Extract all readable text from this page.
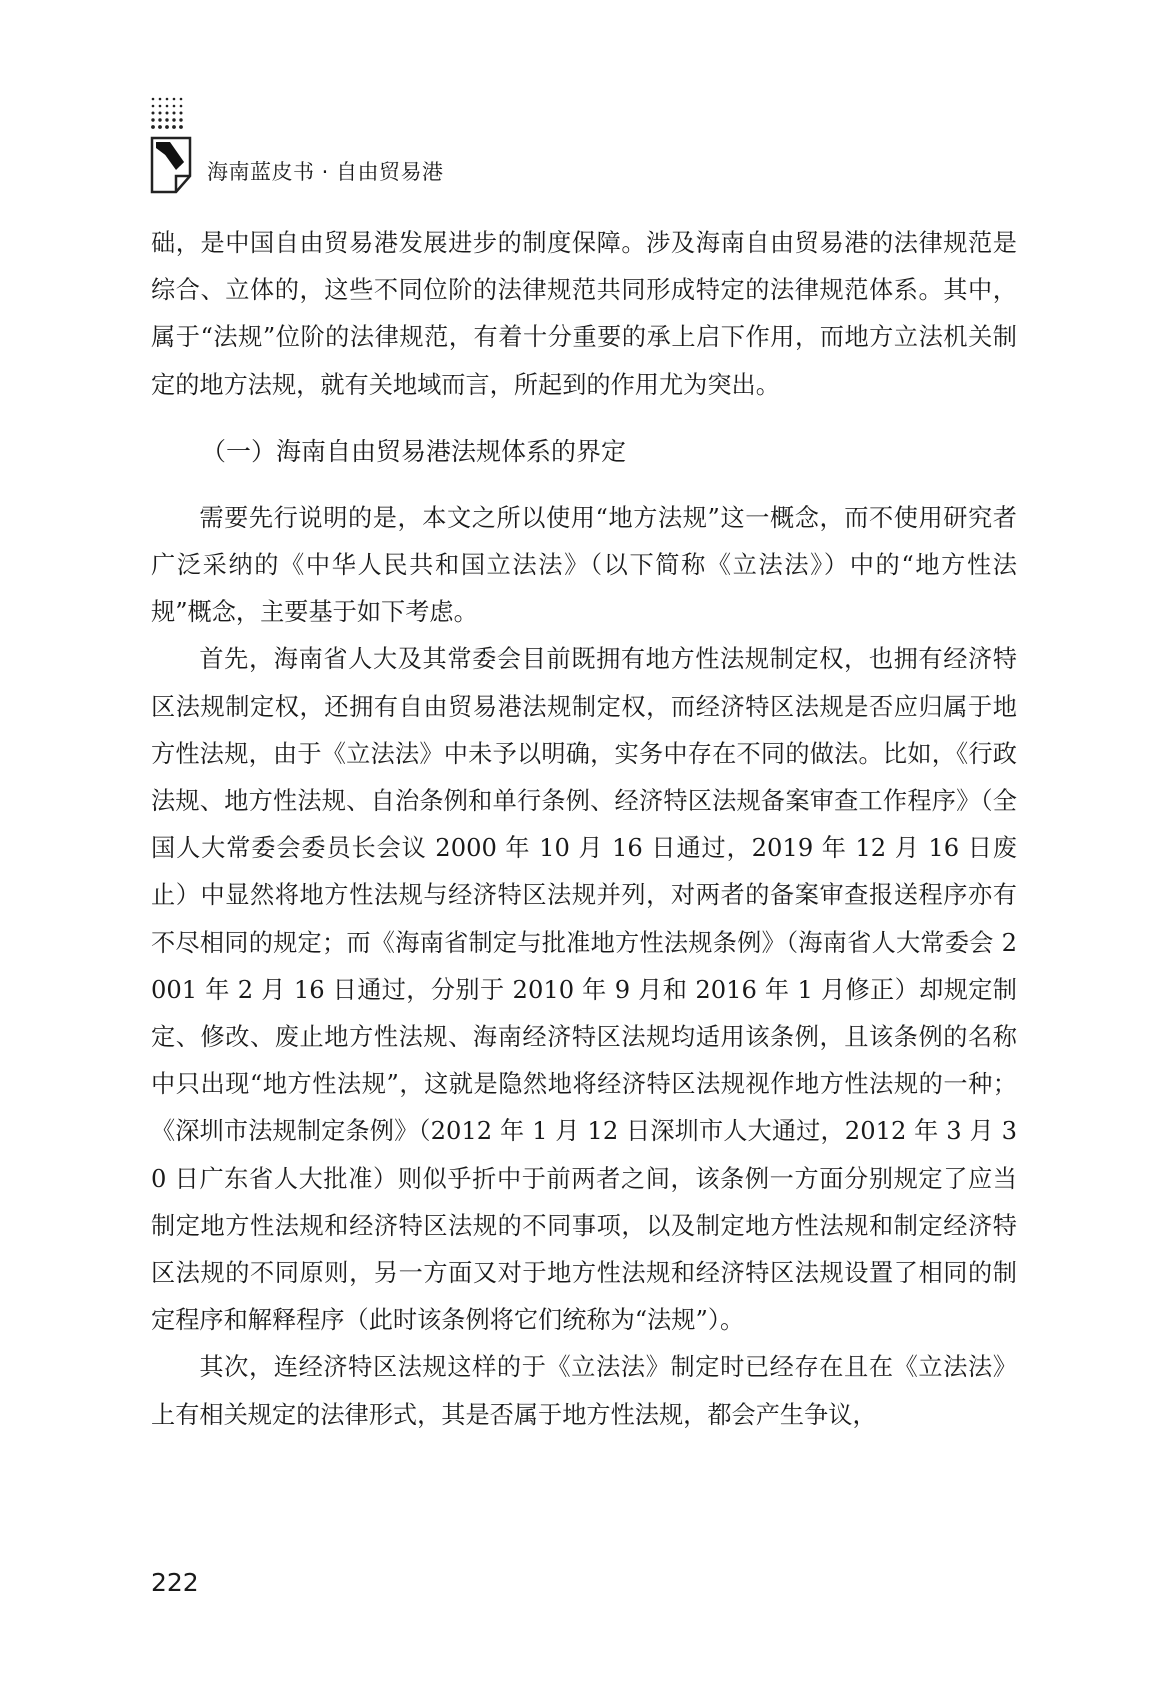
海南蓝皮书 · 自由贸易港

础，是中国自由贸易港发展进步的制度保障。涉及海南自由贸易港的法律规范是综合、立体的，这些不同位阶的法律规范共同形成特定的法律规范体系。其中，属于“法规”位阶的法律规范，有着十分重要的承上启下作用，而地方立法机关制定的地方法规，就有关地域而言，所起到的作用尤为突出。

（一）海南自由贸易港法规体系的界定

需要先行说明的是，本文之所以使用“地方法规”这一概念，而不使用研究者广泛采纳的《中华人民共和国立法法》（以下简称《立法法》）中的“地方性法规”概念，主要基于如下考虑。

首先，海南省人大及其常委会目前既拥有地方性法规制定权，也拥有经济特区法规制定权，还拥有自由贸易港法规制定权，而经济特区法规是否应归属于地方性法规，由于《立法法》中未予以明确，实务中存在不同的做法。比如，《行政法规、地方性法规、自治条例和单行条例、经济特区法规备案审查工作程序》（全国人大常委会委员长会议 2000 年 10 月 16 日通过，2019 年 12 月 16 日废止）中显然将地方性法规与经济特区法规并列，对两者的备案审查报送程序亦有不尽相同的规定；而《海南省制定与批准地方性法规条例》（海南省人大常委会 2001 年 2 月 16 日通过，分别于 2010 年 9 月和 2016 年 1 月修正）却规定制定、修改、废止地方性法规、海南经济特区法规均适用该条例，且该条例的名称中只出现“地方性法规”，这就是隐然地将经济特区法规视作地方性法规的一种；《深圳市法规制定条例》（2012 年 1 月 12 日深圳市人大通过，2012 年 3 月 30 日广东省人大批准）则似乎折中于前两者之间，该条例一方面分别规定了应当制定地方性法规和经济特区法规的不同事项，以及制定地方性法规和制定经济特区法规的不同原则，另一方面又对于地方性法规和经济特区法规设置了相同的制定程序和解释程序（此时该条例将它们统称为“法规”）。

其次，连经济特区法规这样的于《立法法》制定时已经存在且在《立法法》上有相关规定的法律形式，其是否属于地方性法规，都会产生争议，

222
